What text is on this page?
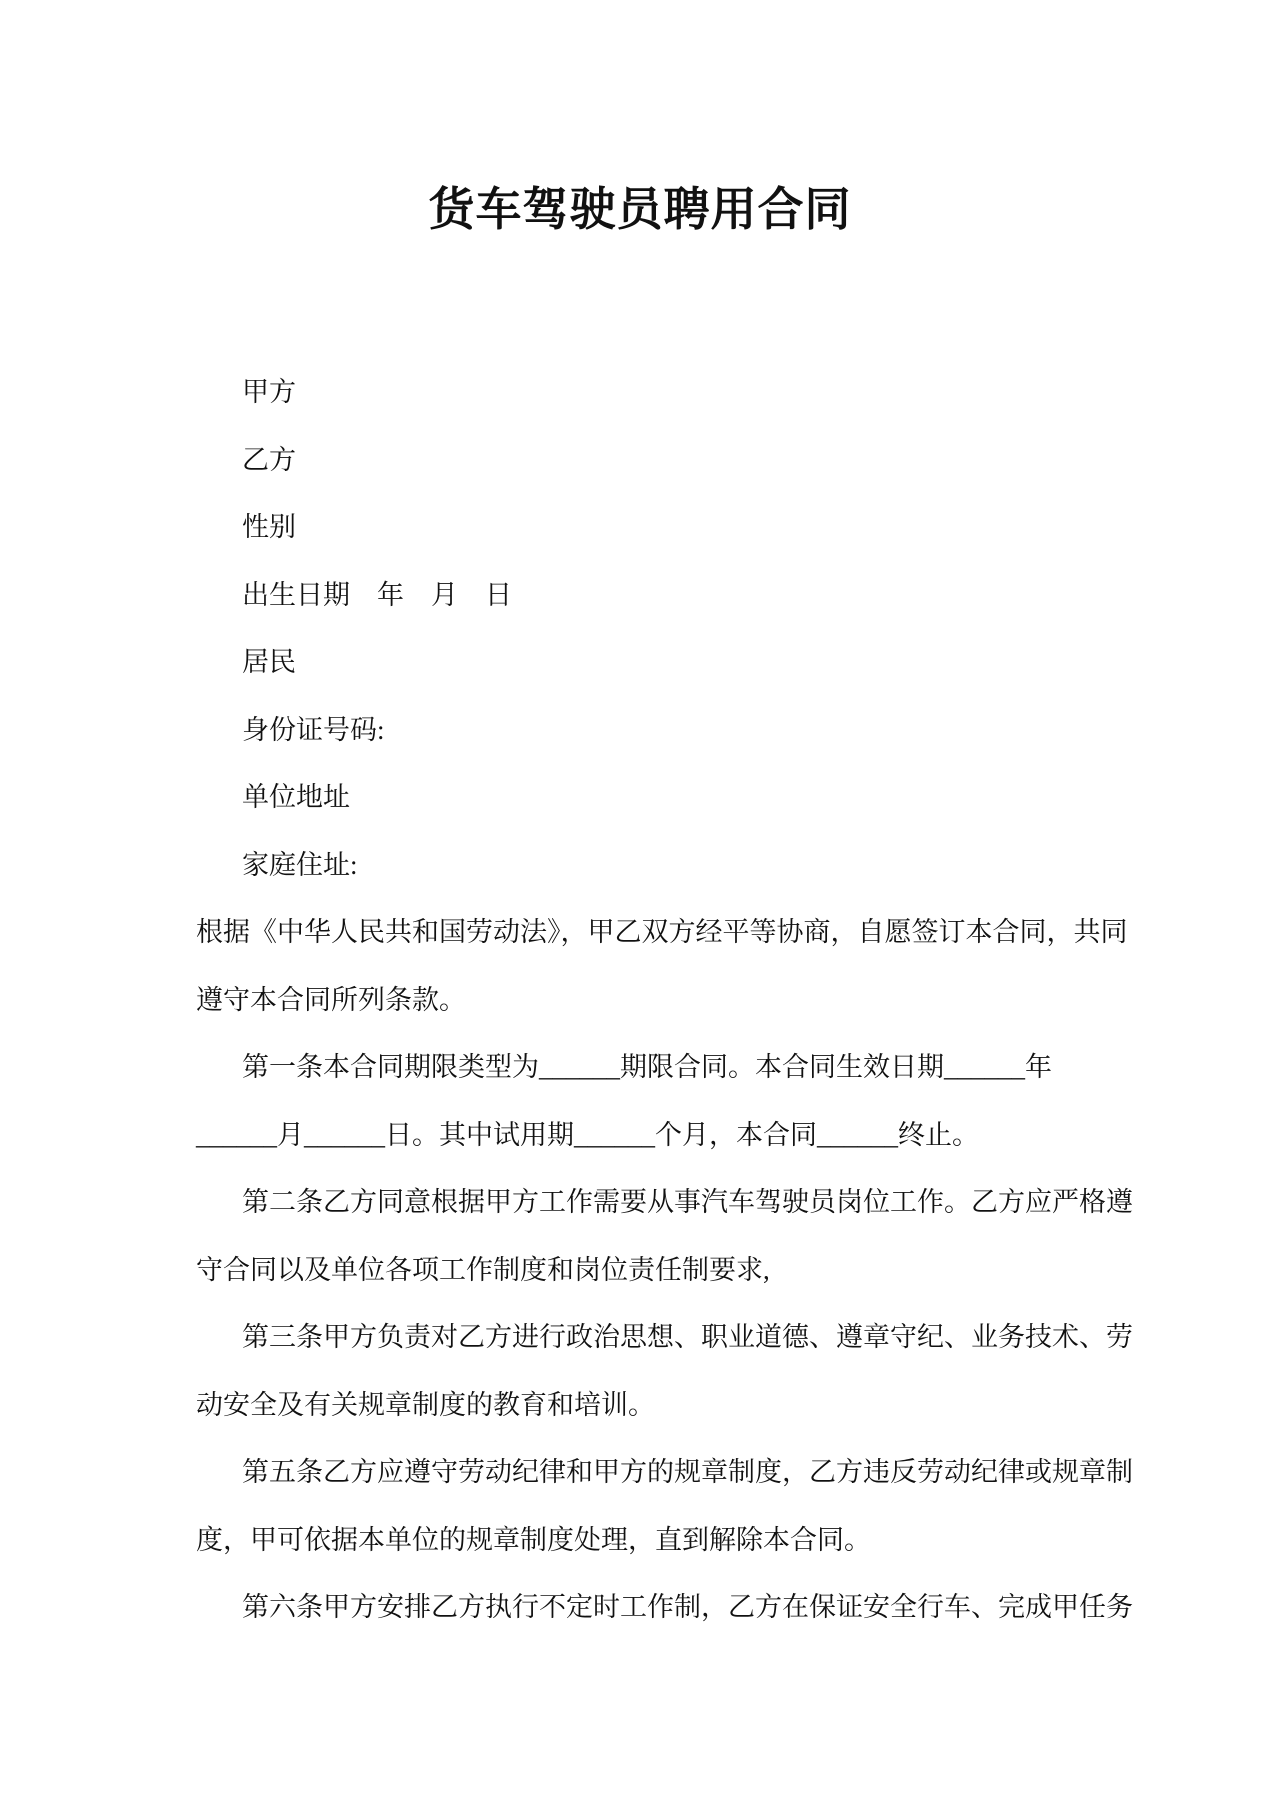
货车驾驶员聘用合同
甲方
乙方
性别
出生日期　年　月　日
居民
身份证号码:
单位地址
家庭住址:
根据《中华人民共和国劳动法》，甲乙双方经平等协商，自愿签订本合同，共同
遵守本合同所列条款。
第一条本合同期限类型为______期限合同。本合同生效日期______年
______月______日。其中试用期______个月，本合同______终止。
第二条乙方同意根据甲方工作需要从事汽车驾驶员岗位工作。乙方应严格遵
守合同以及单位各项工作制度和岗位责任制要求,
第三条甲方负责对乙方进行政治思想、职业道德、遵章守纪、业务技术、劳
动安全及有关规章制度的教育和培训。
第五条乙方应遵守劳动纪律和甲方的规章制度，乙方违反劳动纪律或规章制
度，甲可依据本单位的规章制度处理，直到解除本合同。
第六条甲方安排乙方执行不定时工作制，乙方在保证安全行车、完成甲任务
